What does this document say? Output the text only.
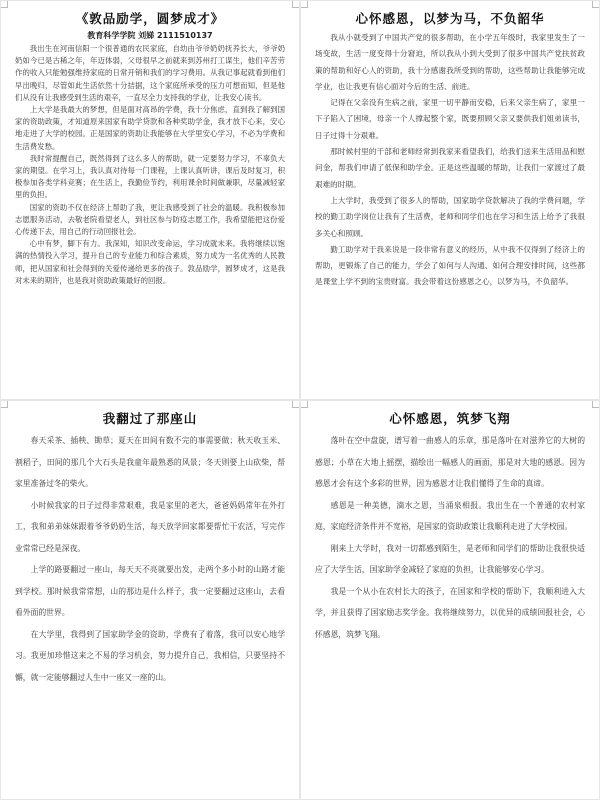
《敦品励学，圆梦成才》
教育科学学院 刘娣 2111510137

我出生在河南信阳一个很普通的农民家庭，自幼由爷爷奶奶抚养长大，爷爷奶奶如今已是古稀之年，年迈体弱，父母很早之前就来到苏州打工谋生，他们辛苦劳作的收入只能勉强维持家庭的日常开销和我们的学习费用。从我记事起就看到他们早出晚归，尽管如此生活依然十分拮据，这个家庭所承受的压力可想而知，但是他们从没有让我感受到生活的艰辛，一直尽全力支持我的学业，让我安心读书。

上大学是我最大的梦想，但是面对高昂的学费，我十分焦虑，直到我了解到国家的资助政策，才知道原来国家有助学贷款和各种奖助学金，我才放下心来，安心地走进了大学的校园。正是国家的资助让我能够在大学里安心学习，不必为学费和生活费发愁。

我时常提醒自己，既然得到了这么多人的帮助，就一定要努力学习，不辜负大家的期望。在学习上，我认真对待每一门课程，上课认真听讲，课后及时复习，积极参加各类学科竞赛；在生活上，我勤俭节约，利用课余时间做兼职，尽量减轻家里的负担。

国家的资助不仅在经济上帮助了我，更让我感受到了社会的温暖。我积极参加志愿服务活动，去敬老院看望老人，到社区参与防疫志愿工作，我希望能把这份爱心传递下去，用自己的行动回报社会。

心中有梦，脚下有力。我深知，知识改变命运，学习成就未来。我将继续以饱满的热情投入学习，提升自己的专业能力和综合素质，努力成为一名优秀的人民教师，把从国家和社会得到的关爱传递给更多的孩子。敦品励学，圆梦成才，这是我对未来的期许，也是我对资助政策最好的回报。

心怀感恩，以梦为马，不负韶华

我从小就受到了中国共产党的很多帮助，在小学五年级时，我家里发生了一场变故，生活一度变得十分窘迫，所以我从小到大受到了很多中国共产党扶贫政策的帮助和好心人的资助，我十分感谢我所受到的帮助，这些帮助让我能够完成学业，也让我更有信心面对今后的生活、前进。

记得在父亲没有生病之前，家里一切平静而安稳，后来父亲生病了，家里一下子陷入了困境，母亲一个人撑起整个家，既要照顾父亲又要供我们姐弟读书，日子过得十分艰难。

那时候村里的干部和老师经常到我家来看望我们，给我们送来生活用品和慰问金，帮我们申请了低保和助学金。正是这些温暖的帮助，让我们一家渡过了最艰难的时期。

上大学时，我受到了很多人的帮助，国家助学贷款解决了我的学费问题，学校的勤工助学岗位让我有了生活费，老师和同学们也在学习和生活上给予了我很多关心和照顾。

勤工助学对于我来说是一段非常有意义的经历，从中我不仅得到了经济上的帮助，更锻炼了自己的能力，学会了如何与人沟通、如何合理安排时间，这些都是课堂上学不到的宝贵财富。我会带着这份感恩之心，以梦为马，不负韶华。

我翻过了那座山

春天采茶、插秧、锄草；夏天在田间有数不完的事需要做；秋天收玉米、割稻子，田间的那几个大石头是我童年最熟悉的风景；冬天则要上山砍柴，帮家里准备过冬的柴火。

小时候我家的日子过得非常艰难，我是家里的老大，爸爸妈妈常年在外打工，我和弟弟妹妹跟着爷爷奶奶生活，每天放学回家都要帮忙干农活，写完作业常常已经是深夜。

上学的路要翻过一座山，每天天不亮就要出发，走两个多小时的山路才能到学校。那时候我常常想，山的那边是什么样子，我一定要翻过这座山，去看看外面的世界。

在大学里，我得到了国家助学金的资助，学费有了着落，我可以安心地学习。我更加珍惜这来之不易的学习机会，努力提升自己，我相信，只要坚持不懈，就一定能够翻过人生中一座又一座的山。

心怀感恩，筑梦飞翔

落叶在空中盘旋，谱写着一曲感人的乐章，那是落叶在对滋养它的大树的感恩；小草在大地上摇摆，描绘出一幅感人的画面，那是对大地的感恩。因为感恩才会有这个多彩的世界，因为感恩才让我们懂得了生命的真谛。

感恩是一种美德，滴水之恩，当涌泉相报。我出生在一个普通的农村家庭，家庭经济条件并不宽裕，是国家的资助政策让我顺利走进了大学校园。

刚来上大学时，我对一切都感到陌生，是老师和同学们的帮助让我很快适应了大学生活，国家助学金减轻了家庭的负担，让我能够安心学习。

我是一个从小在农村长大的孩子，在国家和学校的帮助下，我顺利进入大学，并且获得了国家励志奖学金。我将继续努力，以优异的成绩回报社会，心怀感恩，筑梦飞翔。
